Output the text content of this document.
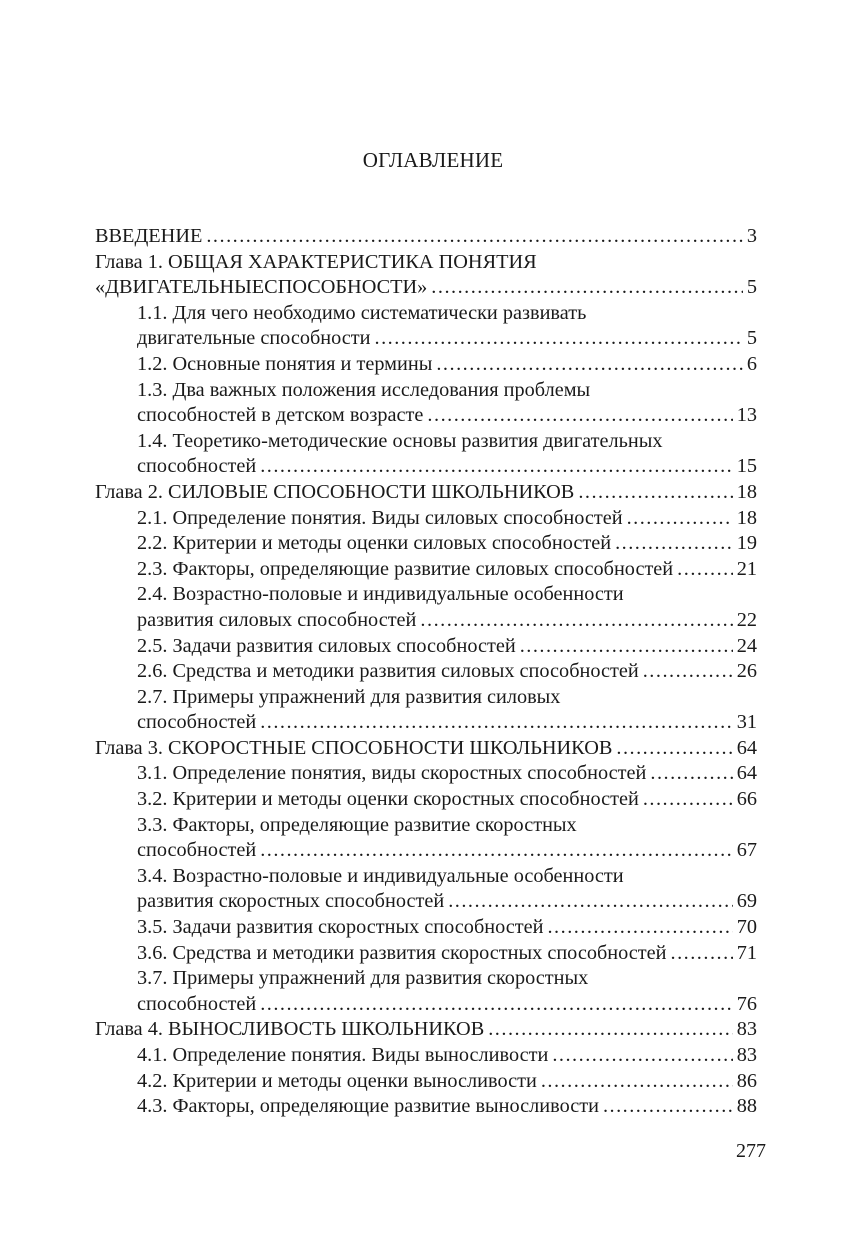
ОГЛАВЛЕНИЕ
ВВЕДЕНИЕ .....	3
Глава 1. ОБЩАЯ ХАРАКТЕРИСТИКА ПОНЯТИЯ
«ДВИГАТЕЛЬНЫЕСПОСОБНОСТИ» .....	5
1.1. Для чего необходимо систематически развивать
двигательные способности .....	5
1.2. Основные понятия и термины .....	6
1.3. Два важных положения исследования проблемы
способностей в детском возрасте .....	13
1.4. Теоретико-методические основы развития двигательных
способностей .....	15
Глава 2. СИЛОВЫЕ СПОСОБНОСТИ ШКОЛЬНИКОВ .....	18
2.1. Определение понятия. Виды силовых способностей .....	18
2.2. Критерии и методы оценки силовых способностей .....	19
2.3. Факторы, определяющие развитие силовых способностей .....	21
2.4. Возрастно-половые и индивидуальные особенности
развития силовых способностей .....	22
2.5. Задачи развития силовых способностей .....	24
2.6. Средства и методики развития силовых способностей .....	26
2.7. Примеры упражнений для развития силовых
способностей .....	31
Глава 3. СКОРОСТНЫЕ СПОСОБНОСТИ ШКОЛЬНИКОВ .....	64
3.1. Определение понятия, виды скоростных способностей .....	64
3.2. Критерии и методы оценки скоростных способностей .....	66
3.3. Факторы, определяющие развитие скоростных
способностей .....	67
3.4. Возрастно-половые и индивидуальные особенности
развития скоростных способностей .....	69
3.5. Задачи развития скоростных способностей .....	70
3.6. Средства и методики развития скоростных способностей .....	71
3.7. Примеры упражнений для развития скоростных
способностей .....	76
Глава 4. ВЫНОСЛИВОСТЬ ШКОЛЬНИКОВ .....	83
4.1. Определение понятия. Виды выносливости .....	83
4.2. Критерии и методы оценки выносливости .....	86
4.3. Факторы, определяющие развитие выносливости .....	88
277
